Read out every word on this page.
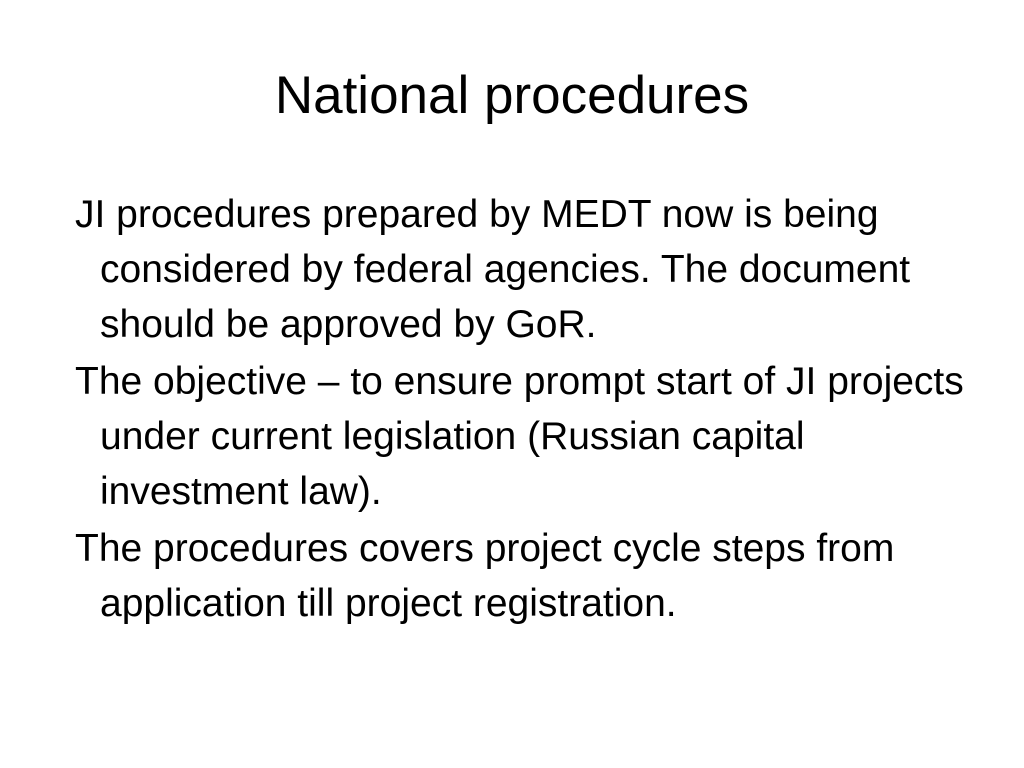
National procedures
JI procedures prepared by MEDT now is being considered by federal agencies. The document should be approved by GoR.
The objective – to ensure prompt start of JI projects under current legislation (Russian capital investment law).
The procedures covers project cycle steps from application till project registration.
